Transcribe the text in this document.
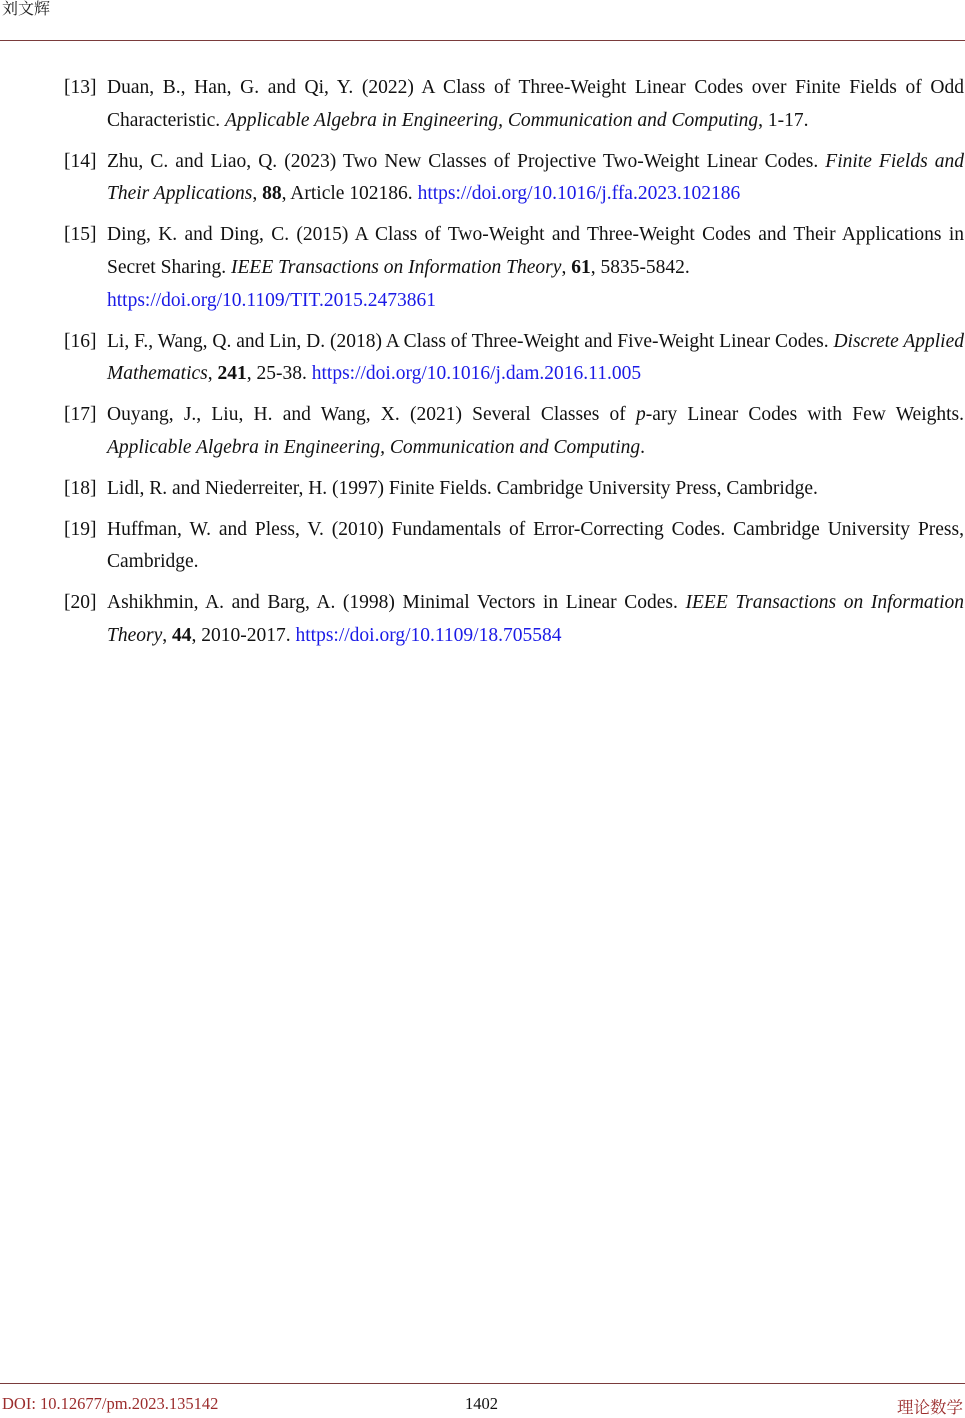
刘文辉
[13] Duan, B., Han, G. and Qi, Y. (2022) A Class of Three-Weight Linear Codes over Finite Fields of Odd Characteristic. Applicable Algebra in Engineering, Communication and Computing, 1-17.
[14] Zhu, C. and Liao, Q. (2023) Two New Classes of Projective Two-Weight Linear Codes. Finite Fields and Their Applications, 88, Article 102186. https://doi.org/10.1016/j.ffa.2023.102186
[15] Ding, K. and Ding, C. (2015) A Class of Two-Weight and Three-Weight Codes and Their Applications in Secret Sharing. IEEE Transactions on Information Theory, 61, 5835-5842.
https://doi.org/10.1109/TIT.2015.2473861
[16] Li, F., Wang, Q. and Lin, D. (2018) A Class of Three-Weight and Five-Weight Linear Codes. Discrete Applied Mathematics, 241, 25-38. https://doi.org/10.1016/j.dam.2016.11.005
[17] Ouyang, J., Liu, H. and Wang, X. (2021) Several Classes of p-ary Linear Codes with Few Weights. Applicable Algebra in Engineering, Communication and Computing.
[18] Lidl, R. and Niederreiter, H. (1997) Finite Fields. Cambridge University Press, Cambridge.
[19] Huffman, W. and Pless, V. (2010) Fundamentals of Error-Correcting Codes. Cambridge University Press, Cambridge.
[20] Ashikhmin, A. and Barg, A. (1998) Minimal Vectors in Linear Codes. IEEE Transactions on Information Theory, 44, 2010-2017. https://doi.org/10.1109/18.705584
DOI: 10.12677/pm.2023.135142	1402	理论数学
